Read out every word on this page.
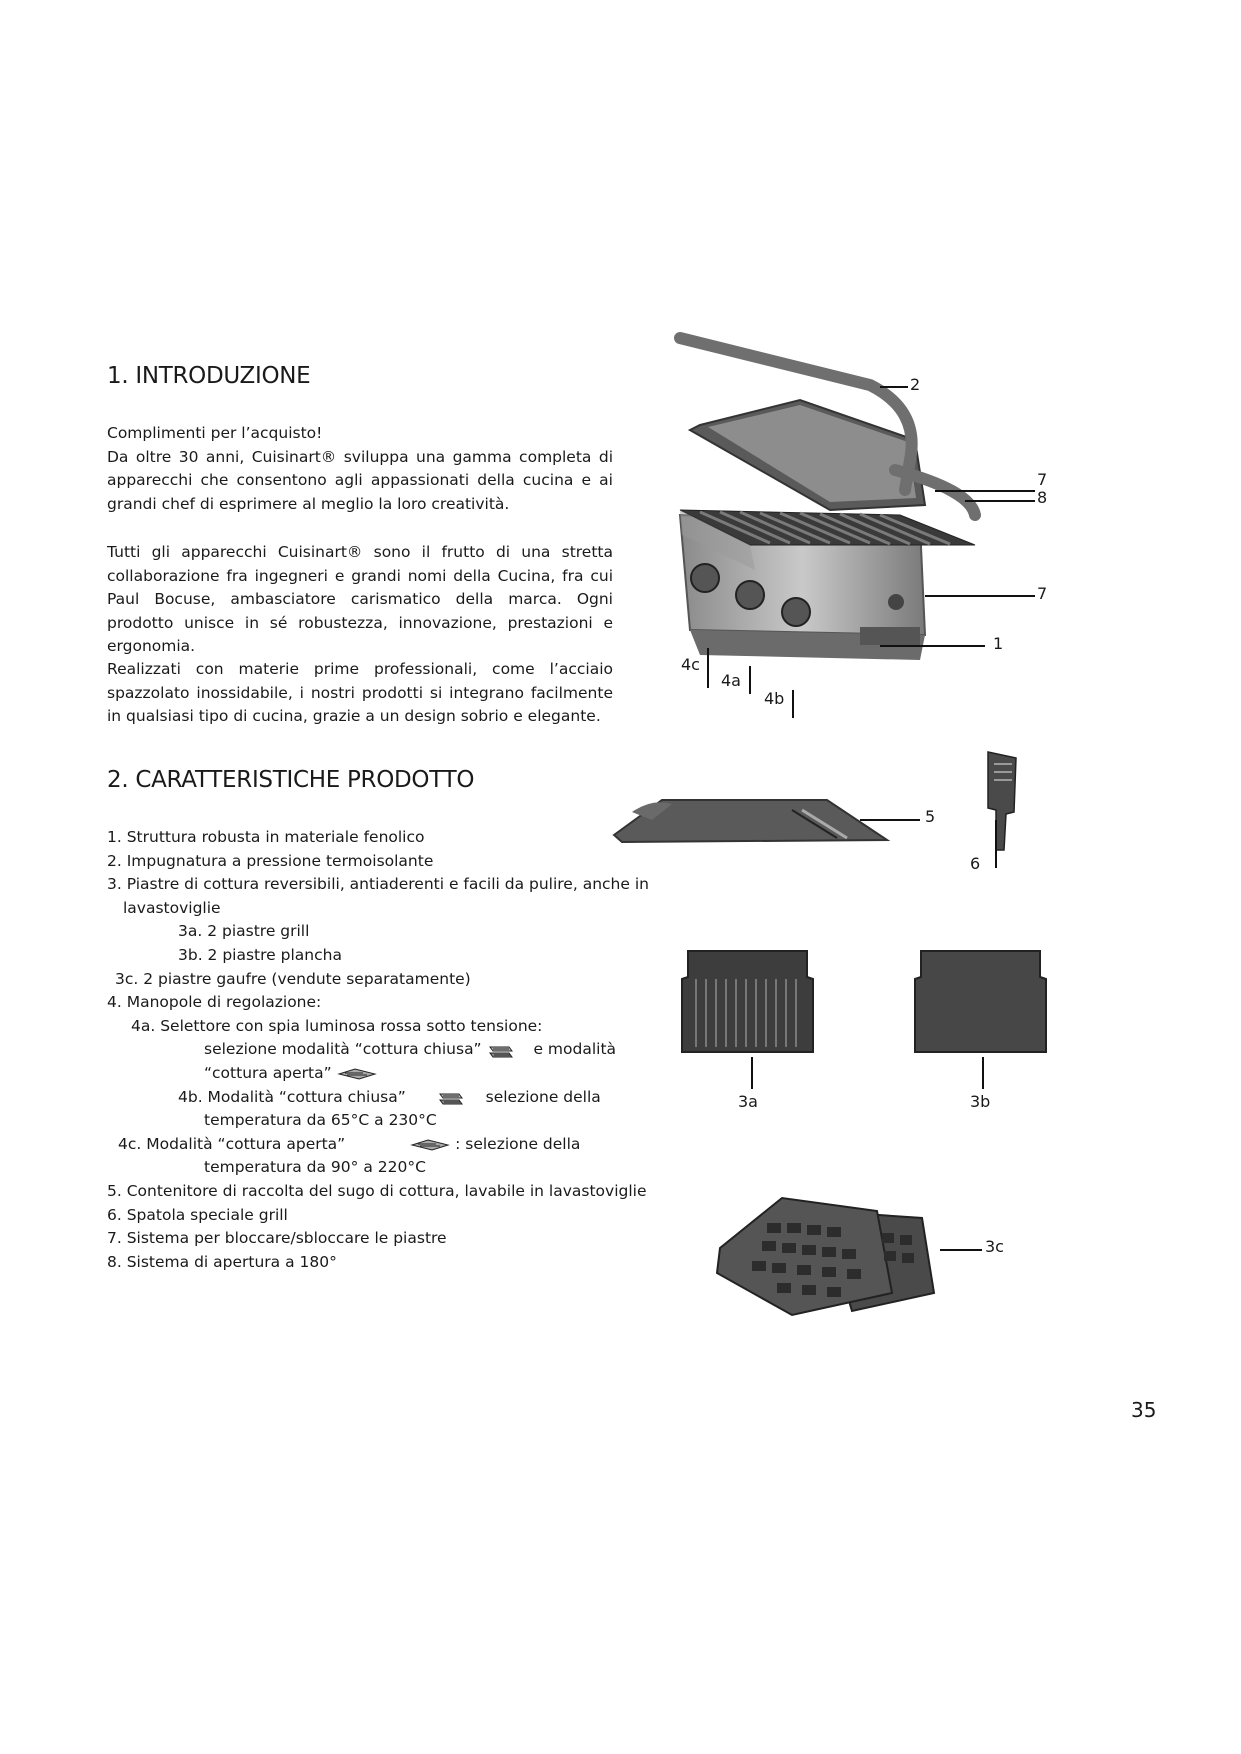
1. INTRODUZIONE
Complimenti per l’acquisto!
Da oltre 30 anni, Cuisinart® sviluppa una gamma completa di apparecchi che consentono agli appassionati della cucina e ai grandi chef di esprimere al meglio la loro creatività.

Tutti gli apparecchi Cuisinart® sono il frutto di una stretta collaborazione fra ingegneri e grandi nomi della Cucina, fra cui Paul Bocuse, ambasciatore carismatico della marca. Ogni prodotto unisce in sé robustezza, innovazione, prestazioni e ergonomia.

Realizzati con materie prime professionali, come l’acciaio spazzolato inossidabile, i nostri prodotti si integrano facilmente in qualsiasi tipo di cucina, grazie a un design sobrio e elegante.

2. CARATTERISTICHE PRODOTTO
1. Struttura robusta in materiale fenolico
2. Impugnatura a pressione termoisolante
3. Piastre di cottura reversibili, antiaderenti e facili da pulire, anche in
lavastoviglie
3a. 2 piastre grill
3b. 2 piastre plancha
3c. 2 piastre gaufre (vendute separatamente)
4. Manopole di regolazione:
4a. Selettore con spia luminosa rossa sotto tensione:
selezione modalità “cottura chiusa”	e modalità
“cottura aperta”
4b. Modalità “cottura chiusa”	selezione della
temperatura da 65°C a 230°C
4c. Modalità “cottura aperta”	: selezione della
temperatura da 90° a 220°C
5. Contenitore di raccolta del sugo di cottura, lavabile in lavastoviglie
6. Spatola speciale grill
7. Sistema per bloccare/sbloccare le piastre
8. Sistema di apertura a 180°
2
7
8
7
1
4c
4a
4b
5
6
3a	3b
3c
35
